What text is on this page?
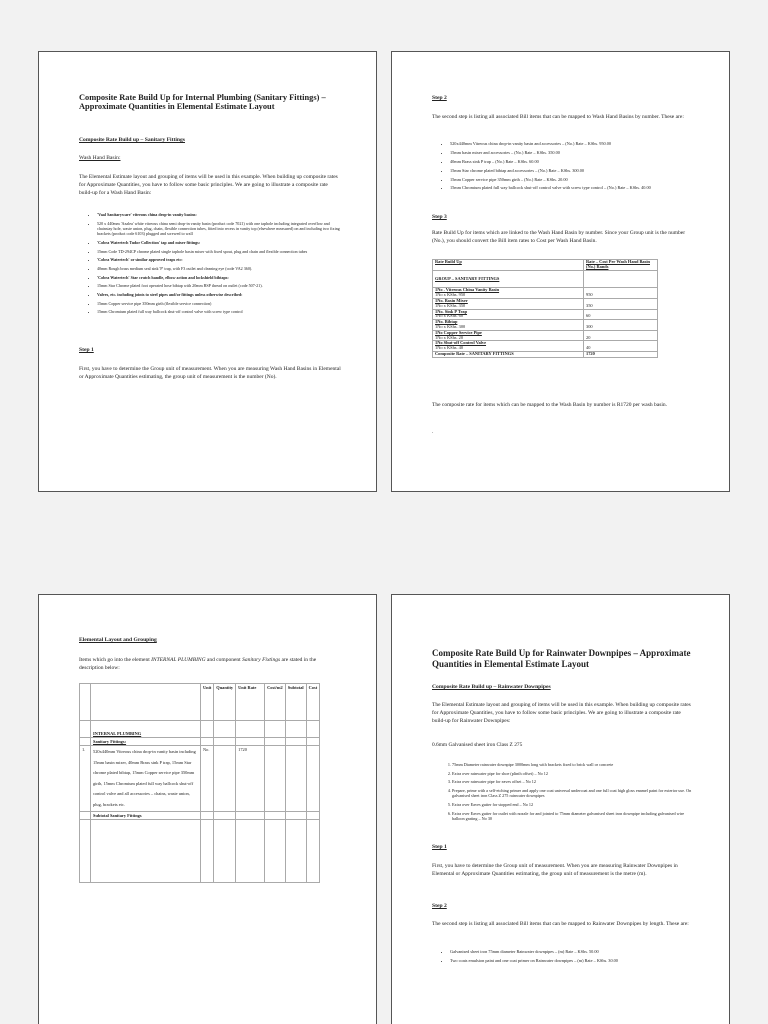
Composite Rate Build Up for Internal Plumbing (Sanitary Fittings) – Approximate Quantities in Elemental Estimate Layout

Composite Rate Build up – Sanitary Fittings

Wash Hand Basin:

The Elemental Estimate layout and grouping of items will be used in this example. When building up composite rates for Approximate Quantities, you have to follow some basic principles. We are going to illustrate a composite rate build-up for a Wash Hand Basin:

• 'Vaal Sanitaryware' vitreous china drop-in vanity basins:
• 520 x 440mm 'Azalea' white vitreous china semi drop-in vanity basin (product code 7021) with one taphole including integrated overflow and chainstay hole, waste union, plug, chain, flexible connection tubes, fitted into recess in vanity top (elsewhere measured) on and including two fixing brackets (product code 6103) plugged and screwed to wall
• 'Cobra Watertech Tudor Collection' tap and mixer fittings:
• 15mm Code TD-294CP chrome plated single taphole basin mixer with fixed spout, plug and chain and flexible connection tubes
• 'Cobra Watertech' or similar approved traps etc:
• 40mm Rough brass medium seal sink 'P' trap, with F3 outlet and cleaning eye (code VA2 360).
• 'Cobra Watertech' Star crutch handle, elbow action and lockshield bibtaps:
• 15mm Star Chrome plated foot operated hose bibtap with 20mm BSP thread on outlet (code 507-21).
• Valves, etc. including joints to steel pipes and/or fittings unless otherwise described:
• 15mm Copper service pipe 350mm girth (flexible service connection)
• 15mm Chromium plated full way ballcock shut-off control valve with screw type control

Step 1

First, you have to determine the Group unit of measurement. When you are measuring Wash Hand Basins in Elemental or Approximate Quantities estimating, the group unit of measurement is the number (No).

Step 2

The second step is listing all associated Bill items that can be mapped to Wash Hand Basins by number. These are:

• 520x440mm Vitreous china drop-in vanity basin and accessories – (No.) Rate – KShs. 950.00
• 15mm basin mixer and accessories – (No.) Rate – KShs. 350.00
• 40mm Brass sink P trap – (No.) Rate – KShs. 60.00
• 15mm Star chrome plated bibtap and accessories – (No.) Rate – KShs. 300.00
• 15mm Copper service pipe 350mm girth – (No.) Rate – KShs. 20.00
• 15mm Chromium plated full way ballcock shut-off control valve with screw type control – (No.) Rate – KShs. 40.00

Step 3

Rate Build Up for items which are linked to the Wash Hand Basin by number. Since your Group unit is the number (No.), you should convert the Bill item rates to Cost per Wash Hand Basin.

Rate Build Up	Rate – Cost Per Wash Hand Basin (No.) Rands
GROUP – SANITARY FITTINGS	

1No . Vitreous China Vanity Basin
1No x KShs. 950	950

1No. Basin Mixer
1No x KShs. 350	350

1No. Sink P Trap
1No x KShs. 60	60

1No. Bibtap
1No x KShs. 300	300

1No Copper Service Pipe
1No x KShs. 20	20

1No Shut-off Control Valve
1No x KShs. 40	40
Composite Rate – SANITARY FITTINGS	1720

The composite rate for items which can be mapped to the Wash Basin by number is R1720 per wash basin.

.

Elemental Layout and Grouping

Items which go into the element INTERNAL PLUMBING and component Sanitary Fixtings are stated in the description below:

		Unit	Quantity	Unit Rate	Cost/m2	Subtotal	Cost
	INTERNAL PLUMBING						
	Sanitary Fittings:						
1.	520x440mm Vitreous china drop-in vanity basin including 15mm basin mixer, 40mm Brass sink P trap, 15mm Star chrome plated bibtap, 15mm Copper service pipe 350mm girth, 15mm Chromium plated full way ballcock shut-off control valve and all accessories – chains, waste union, plug, brackets etc.	No.		1720			
	Subtotal Sanitary Fittings						

Composite Rate Build Up for Rainwater Downpipes – Approximate Quantities in Elemental Estimate Layout

Composite Rate Build up – Rainwater Downpipes

The Elemental Estimate layout and grouping of items will be used in this example. When building up composite rates for Approximate Quantities, you have to follow some basic principles. We are going to illustrate a composite rate build-up for Rainwater Downpipes:

0.6mm Galvanised sheet iron Class Z 275

1. 75mm Diameter rainwater downpipe 3000mm long with brackets fixed to brick wall or concrete
2. Extra over rainwater pipe for shoe (plinth offset) – No 12
3. Extra over rainwater pipe for eaves offset – No 12
4. Prepare, prime with a self-etching primer and apply one coat universal undercoat and one full coat high gloss enamel paint for exterior use. On galvanised sheet iron Class Z 275 rainwater downpipes
5. Extra over Eaves gutter for stopped end – No 12
6. Extra over Eaves gutter for outlet with nozzle for and jointed to 75mm diameter galvanised sheet iron downpipe including galvanised wire balloon grating – No 30

Step 1

First, you have to determine the Group unit of measurement. When you are measuring Rainwater Downpipes in Elemental or Approximate Quantities estimating, the group unit of measurement is the metre (m).

Step 2

The second step is listing all associated Bill items that can be mapped to Rainwater Downpipes by length. These are:

• Galvanised sheet iron 75mm diameter Rainwater downpipes – (m) Rate – KShs. 50.00
• Two coats emulsion paint and one coat primer on Rainwater downpipes – (m) Rate – KShs. 30.00
